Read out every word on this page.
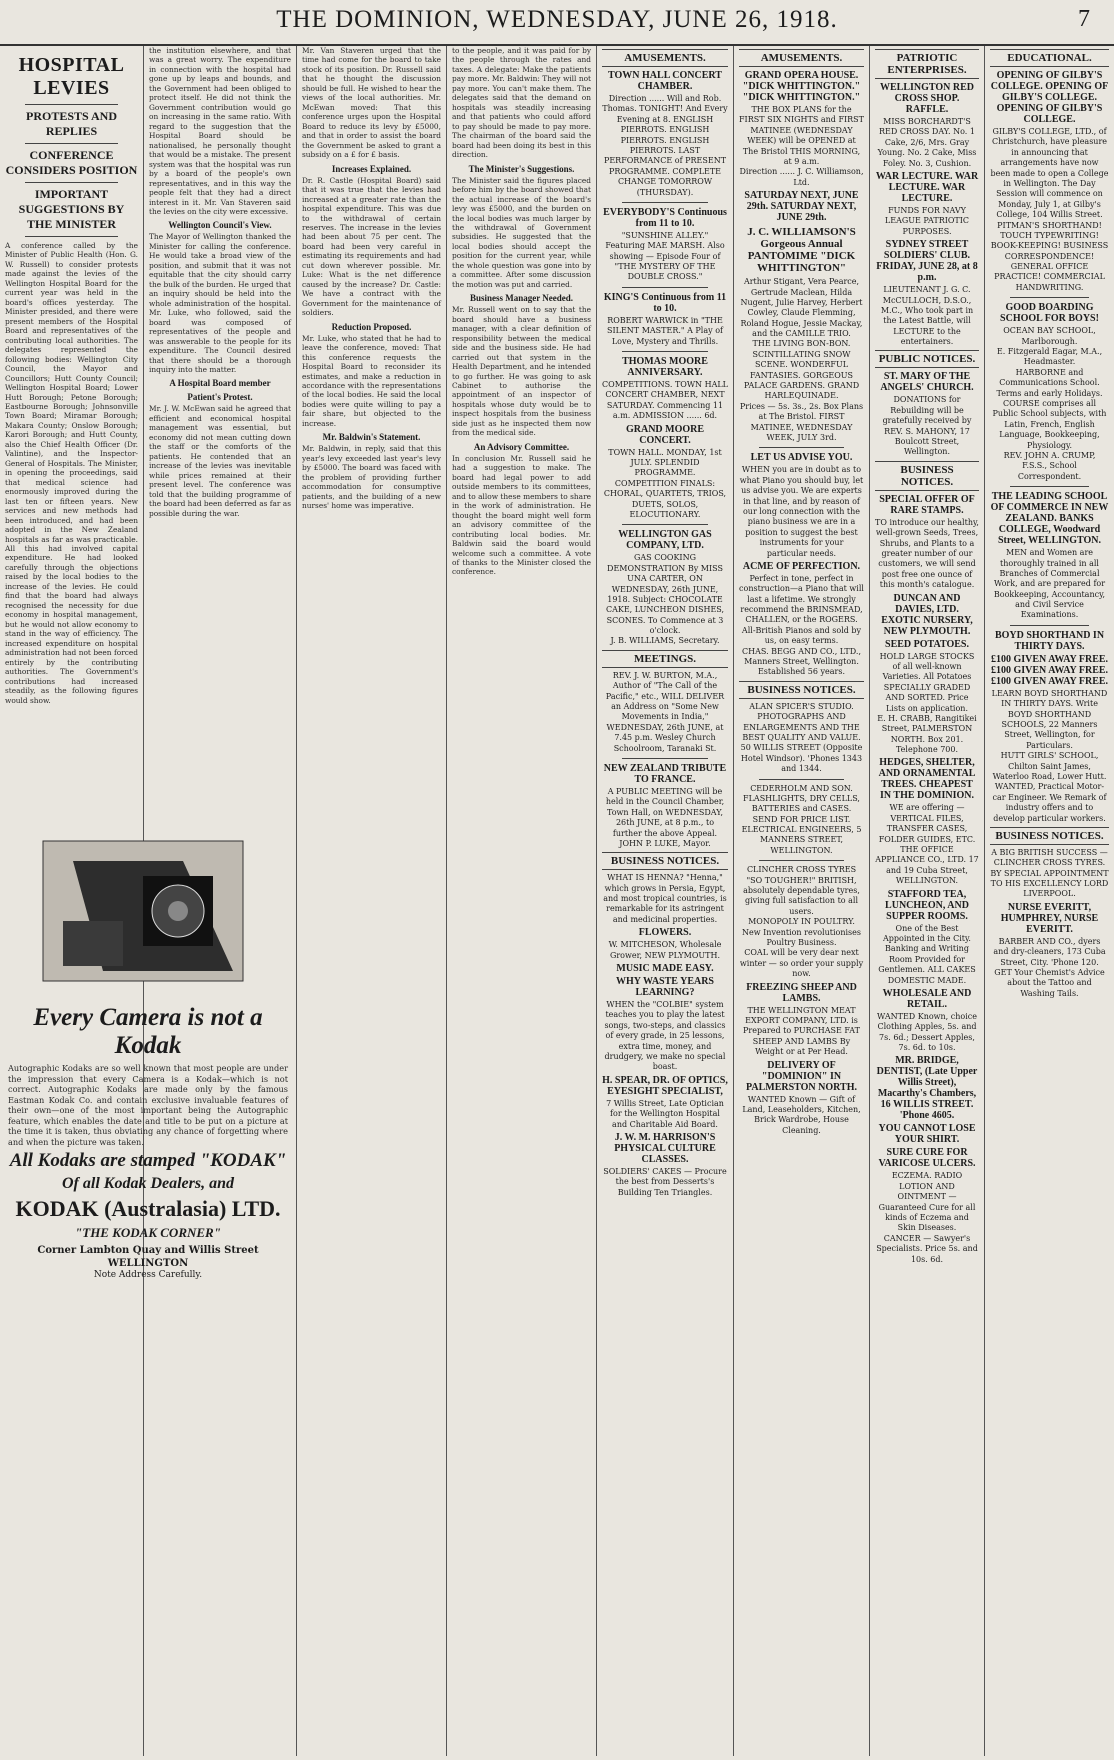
THE DOMINION, WEDNESDAY, JUNE 26, 1918.	7
HOSPITAL LEVIES
PROTESTS AND REPLIES
CONFERENCE CONSIDERS POSITION
IMPORTANT SUGGESTIONS BY THE MINISTER

A conference called by the Minister of Public Health (Hon. G. W. Russell) to consider protests made against the levies of the Wellington Hospital Board for the current year was held in the board's offices yesterday. The Minister presided, and there were present members of the Hospital Board and representatives of the contributing local authorities. The delegates represented the following bodies: Wellington City Council, the Mayor and Councillors; Hutt County Council; Wellington Hospital Board; Lower Hutt Borough; Petone Borough; Eastbourne Borough; Johnsonville Town Board; Miramar Borough; Makara County; Onslow Borough; Karori Borough; and Hutt County, also the Chief Health Officer (Dr. Valintine), and the Inspector-General of Hospitals. The Minister, in opening the proceedings, said that medical science had enormously improved during the last ten or fifteen years. New services and new methods had been introduced, and had been adopted in the New Zealand hospitals as far as was practicable. All this had involved capital expenditure. He had looked carefully through the objections raised by the local bodies to the increase of the levies. He could find that the board had always recognised the necessity for due economy in hospital management, but he would not allow economy to stand in the way of efficiency. The increased expenditure on hospital administration had not been forced entirely by the contributing authorities. The Government's contributions had increased steadily, as the following figures would show.

Every Camera is not a Kodak

Autographic Kodaks are so well known that most people are under the impression that every Camera is a Kodak—which is not correct. Autographic Kodaks are made only by the famous Eastman Kodak Co. and contain exclusive invaluable features of their own—one of the most important being the Autographic feature, which enables the date and title to be put on a picture at the time it is taken, thus obviating any chance of forgetting where and when the picture was taken.

All Kodaks are stamped "KODAK"
Of all Kodak Dealers, and
KODAK (Australasia) LTD.
"THE KODAK CORNER"
Corner Lambton Quay and Willis Street WELLINGTON
Note Address Carefully.

the institution elsewhere, and that was a great worry. The expenditure in connection with the hospital had gone up by leaps and bounds, and the Government had been obliged to protect itself. He did not think the Government contribution would go on increasing in the same ratio. With regard to the suggestion that the Hospital Board should be nationalised, he personally thought that would be a mistake. The present system was that the hospital was run by a board of the people's own representatives, and in this way the people felt that they had a direct interest in it. Mr. Van Staveren said the levies on the city were excessive.

Wellington Council's View.

The Mayor of Wellington thanked the Minister for calling the conference. He would take a broad view of the position, and submit that it was not equitable that the city should carry the bulk of the burden. He urged that an inquiry should be held into the whole administration of the hospital. Mr. Luke, who followed, said the board was composed of representatives of the people and was answerable to the people for its expenditure. The Council desired that there should be a thorough inquiry into the matter.

A Hospital Board member
Patient's Protest.

Mr. J. W. McEwan said he agreed that efficient and economical hospital management was essential, but economy did not mean cutting down the staff or the comforts of the patients. He contended that an increase of the levies was inevitable while prices remained at their present level. The conference was told that the building programme of the board had been deferred as far as possible during the war.

Mr. Van Staveren urged that the time had come for the board to take stock of its position. Dr. Russell said that he thought the discussion should be full. He wished to hear the views of the local authorities. Mr. McEwan moved: That this conference urges upon the Hospital Board to reduce its levy by £5000, and that in order to assist the board the Government be asked to grant a subsidy on a £ for £ basis.

Increases Explained.

Dr. R. Castle (Hospital Board) said that it was true that the levies had increased at a greater rate than the hospital expenditure. This was due to the withdrawal of certain reserves. The increase in the levies had been about 75 per cent. The board had been very careful in estimating its requirements and had cut down wherever possible. Mr. Luke: What is the net difference caused by the increase? Dr. Castle: We have a contract with the Government for the maintenance of soldiers.

Reduction Proposed.

Mr. Luke, who stated that he had to leave the conference, moved: That this conference requests the Hospital Board to reconsider its estimates, and make a reduction in accordance with the representations of the local bodies. He said the local bodies were quite willing to pay a fair share, but objected to the increase.

Mr. Baldwin's Statement.

Mr. Baldwin, in reply, said that this year's levy exceeded last year's levy by £5000. The board was faced with the problem of providing further accommodation for consumptive patients, and the building of a new nurses' home was imperative.

to the people, and it was paid for by the people through the rates and taxes. A delegate: Make the patients pay more. Mr. Baldwin: They will not pay more. You can't make them. The delegates said that the demand on hospitals was steadily increasing and that patients who could afford to pay should be made to pay more. The chairman of the board said the board had been doing its best in this direction.

The Minister's Suggestions.

The Minister said the figures placed before him by the board showed that the actual increase of the board's levy was £5000, and the burden on the local bodies was much larger by the withdrawal of Government subsidies. He suggested that the local bodies should accept the position for the current year, while the whole question was gone into by a committee. After some discussion the motion was put and carried.

Business Manager Needed.

Mr. Russell went on to say that the board should have a business manager, with a clear definition of responsibility between the medical side and the business side. He had carried out that system in the Health Department, and he intended to go further. He was going to ask Cabinet to authorise the appointment of an inspector of hospitals whose duty would be to inspect hospitals from the business side just as he inspected them now from the medical side.

An Advisory Committee.

In conclusion Mr. Russell said he had a suggestion to make. The board had legal power to add outside members to its committees, and to allow these members to share in the work of administration. He thought the board might well form an advisory committee of the contributing local bodies. Mr. Baldwin said the board would welcome such a committee. A vote of thanks to the Minister closed the conference.

AMUSEMENTS.
TOWN HALL CONCERT CHAMBER.
Direction ...... Will and Rob. Thomas. TONIGHT! And Every Evening at 8. ENGLISH PIERROTS. ENGLISH PIERROTS. ENGLISH PIERROTS. LAST PERFORMANCE of PRESENT PROGRAMME. COMPLETE CHANGE TOMORROW (THURSDAY).
EVERYBODY'S Continuous from 11 to 10.
"SUNSHINE ALLEY." Featuring MAE MARSH. Also showing — Episode Four of "THE MYSTERY OF THE DOUBLE CROSS."
KING'S Continuous from 11 to 10.
ROBERT WARWICK in "THE SILENT MASTER." A Play of Love, Mystery and Thrills.
THOMAS MOORE ANNIVERSARY.
COMPETITIONS. TOWN HALL CONCERT CHAMBER, NEXT SATURDAY. Commencing 11 a.m. ADMISSION ...... 6d.
GRAND MOORE CONCERT.
TOWN HALL. MONDAY, 1st JULY. SPLENDID PROGRAMME. COMPETITION FINALS: CHORAL, QUARTETS, TRIOS, DUETS, SOLOS, ELOCUTIONARY.
WELLINGTON GAS COMPANY, LTD.
GAS COOKING DEMONSTRATION By MISS UNA CARTER, ON WEDNESDAY, 26th JUNE, 1918. Subject: CHOCOLATE CAKE, LUNCHEON DISHES, SCONES. To Commence at 3 o'clock.
J. B. WILLIAMS, Secretary.
MEETINGS.
REV. J. W. BURTON, M.A., Author of "The Call of the Pacific," etc., WILL DELIVER an Address on "Some New Movements in India," WEDNESDAY, 26th JUNE, at 7.45 p.m. Wesley Church Schoolroom, Taranaki St.
NEW ZEALAND TRIBUTE TO FRANCE.
A PUBLIC MEETING will be held in the Council Chamber, Town Hall, on WEDNESDAY, 26th JUNE, at 8 p.m., to further the above Appeal.
JOHN P. LUKE, Mayor.
BUSINESS NOTICES.
WHAT IS HENNA? "Henna," which grows in Persia, Egypt, and most tropical countries, is remarkable for its astringent and medicinal properties.
FLOWERS.
W. MITCHESON, Wholesale Grower, NEW PLYMOUTH.
MUSIC MADE EASY.
WHY WASTE YEARS LEARNING?
WHEN the "COLBIE" system teaches you to play the latest songs, two-steps, and classics of every grade, in 25 lessons, extra time, money, and drudgery, we make no special boast.
H. SPEAR, DR. OF OPTICS, EYESIGHT SPECIALIST,
7 Willis Street, Late Optician for the Wellington Hospital and Charitable Aid Board.
J. W. M. HARRISON'S PHYSICAL CULTURE CLASSES.
SOLDIERS' CAKES — Procure the best from Desserts's Building Ten Triangles.
AMUSEMENTS.
GRAND OPERA HOUSE. "DICK WHITTINGTON." "DICK WHITTINGTON."
THE BOX PLANS for the FIRST SIX NIGHTS and FIRST MATINEE (WEDNESDAY WEEK) will be OPENED at The Bristol THIS MORNING, at 9 a.m.
Direction ...... J. C. Williamson, Ltd.
SATURDAY NEXT, JUNE 29th. SATURDAY NEXT, JUNE 29th.
J. C. WILLIAMSON'S Gorgeous Annual PANTOMIME "DICK WHITTINGTON"
Arthur Stigant, Vera Pearce, Gertrude Maclean, Hilda Nugent, Julie Harvey, Herbert Cowley, Claude Flemming, Roland Hogue, Jessie Mackay, and the CAMILLE TRIO.
THE LIVING BON-BON. SCINTILLATING SNOW SCENE. WONDERFUL FANTASIES. GORGEOUS PALACE GARDENS. GRAND HARLEQUINADE.
Prices — 5s. 3s., 2s. Box Plans at The Bristol. FIRST MATINEE, WEDNESDAY WEEK, JULY 3rd.
LET US ADVISE YOU.
WHEN you are in doubt as to what Piano you should buy, let us advise you. We are experts in that line, and by reason of our long connection with the piano business we are in a position to suggest the best instruments for your particular needs.
ACME OF PERFECTION.
Perfect in tone, perfect in construction—a Piano that will last a lifetime. We strongly recommend the BRINSMEAD, CHALLEN, or the ROGERS. All-British Pianos and sold by us, on easy terms.
CHAS. BEGG AND CO., LTD., Manners Street, Wellington. Established 56 years.
BUSINESS NOTICES.
ALAN SPICER'S STUDIO. PHOTOGRAPHS AND ENLARGEMENTS AND THE BEST QUALITY AND VALUE. 50 WILLIS STREET (Opposite Hotel Windsor). 'Phones 1343 and 1344.
CEDERHOLM AND SON. FLASHLIGHTS, DRY CELLS, BATTERIES and CASES. SEND FOR PRICE LIST.
ELECTRICAL ENGINEERS, 5 MANNERS STREET, WELLINGTON.
CLINCHER CROSS TYRES "SO TOUGHER!" BRITISH, absolutely dependable tyres, giving full satisfaction to all users.
MONOPOLY IN POULTRY. New Invention revolutionises Poultry Business.
COAL will be very dear next winter — so order your supply now.
FREEZING SHEEP AND LAMBS.
THE WELLINGTON MEAT EXPORT COMPANY, LTD. is Prepared to PURCHASE FAT SHEEP AND LAMBS By Weight or at Per Head.
DELIVERY OF "DOMINION" IN PALMERSTON NORTH.
WANTED Known — Gift of Land, Leaseholders, Kitchen, Brick Wardrobe, House Cleaning.
PATRIOTIC ENTERPRISES.
WELLINGTON RED CROSS SHOP. RAFFLE.
MISS BORCHARDT'S RED CROSS DAY. No. 1 Cake, 2/6, Mrs. Gray Young. No. 2 Cake, Miss Foley. No. 3, Cushion.
WAR LECTURE. WAR LECTURE. WAR LECTURE.
FUNDS FOR NAVY LEAGUE PATRIOTIC PURPOSES.
SYDNEY STREET SOLDIERS' CLUB. FRIDAY, JUNE 28, at 8 p.m.
LIEUTENANT J. G. C. McCULLOCH, D.S.O., M.C., Who took part in the Latest Battle, will LECTURE to the entertainers.
PUBLIC NOTICES.
ST. MARY OF THE ANGELS' CHURCH.
DONATIONS for Rebuilding will be gratefully received by REV. S. MAHONY, 17 Boulcott Street, Wellington.
BUSINESS NOTICES.
SPECIAL OFFER OF RARE STAMPS.
TO introduce our healthy, well-grown Seeds, Trees, Shrubs, and Plants to a greater number of our customers, we will send post free one ounce of this month's catalogue.
DUNCAN AND DAVIES, LTD. EXOTIC NURSERY, NEW PLYMOUTH.
SEED POTATOES.
HOLD LARGE STOCKS of all well-known Varieties. All Potatoes SPECIALLY GRADED AND SORTED. Price Lists on application.
E. H. CRABB, Rangitikei Street, PALMERSTON NORTH. Box 201. Telephone 700.
HEDGES, SHELTER, AND ORNAMENTAL TREES. CHEAPEST IN THE DOMINION.
WE are offering — VERTICAL FILES, TRANSFER CASES, FOLDER GUIDES, ETC.
THE OFFICE APPLIANCE CO., LTD. 17 and 19 Cuba Street, WELLINGTON.
STAFFORD TEA, LUNCHEON, AND SUPPER ROOMS.
One of the Best Appointed in the City. Banking and Writing Room Provided for Gentlemen. ALL CAKES DOMESTIC MADE.
WHOLESALE AND RETAIL.
WANTED Known, choice Clothing Apples, 5s. and 7s. 6d.; Dessert Apples, 7s. 6d. to 10s.
MR. BRIDGE, DENTIST, (Late Upper Willis Street), Macarthy's Chambers, 16 WILLIS STREET. 'Phone 4605.
YOU CANNOT LOSE YOUR SHIRT.
SURE CURE FOR VARICOSE ULCERS.
ECZEMA. RADIO LOTION AND OINTMENT — Guaranteed Cure for all kinds of Eczema and Skin Diseases.
CANCER — Sawyer's Specialists. Price 5s. and 10s. 6d.
EDUCATIONAL.
OPENING OF GILBY'S COLLEGE. OPENING OF GILBY'S COLLEGE. OPENING OF GILBY'S COLLEGE.
GILBY'S COLLEGE, LTD., of Christchurch, have pleasure in announcing that arrangements have now been made to open a College in Wellington. The Day Session will commence on Monday, July 1, at Gilby's College, 104 Willis Street.
PITMAN'S SHORTHAND! TOUCH TYPEWRITING! BOOK-KEEPING! BUSINESS CORRESPONDENCE! GENERAL OFFICE PRACTICE! COMMERCIAL HANDWRITING.
GOOD BOARDING SCHOOL FOR BOYS!
OCEAN BAY SCHOOL, Marlborough.
E. Fitzgerald Eagar, M.A., Headmaster.
HARBORNE and Communications School. Terms and early Holidays.
COURSE comprises all Public School subjects, with Latin, French, English Language, Bookkeeping, Physiology.
REV. JOHN A. CRUMP, F.S.S., School Correspondent.
THE LEADING SCHOOL OF COMMERCE IN NEW ZEALAND. BANKS COLLEGE, Woodward Street, WELLINGTON.
MEN and Women are thoroughly trained in all Branches of Commercial Work, and are prepared for Bookkeeping, Accountancy, and Civil Service Examinations.
BOYD SHORTHAND IN THIRTY DAYS.
£100 GIVEN AWAY FREE. £100 GIVEN AWAY FREE. £100 GIVEN AWAY FREE.
LEARN BOYD SHORTHAND IN THIRTY DAYS. Write BOYD SHORTHAND SCHOOLS, 22 Manners Street, Wellington, for Particulars.
HUTT GIRLS' SCHOOL, Chilton Saint James, Waterloo Road, Lower Hutt.
WANTED, Practical Motor-car Engineer. We Remark of industry offers and to develop particular workers.
BUSINESS NOTICES.
A BIG BRITISH SUCCESS — CLINCHER CROSS TYRES.
BY SPECIAL APPOINTMENT TO HIS EXCELLENCY LORD LIVERPOOL.
NURSE EVERITT, HUMPHREY, NURSE EVERITT.
BARBER AND CO., dyers and dry-cleaners, 173 Cuba Street, City. 'Phone 120.
GET Your Chemist's Advice about the Tattoo and Washing Tails.
